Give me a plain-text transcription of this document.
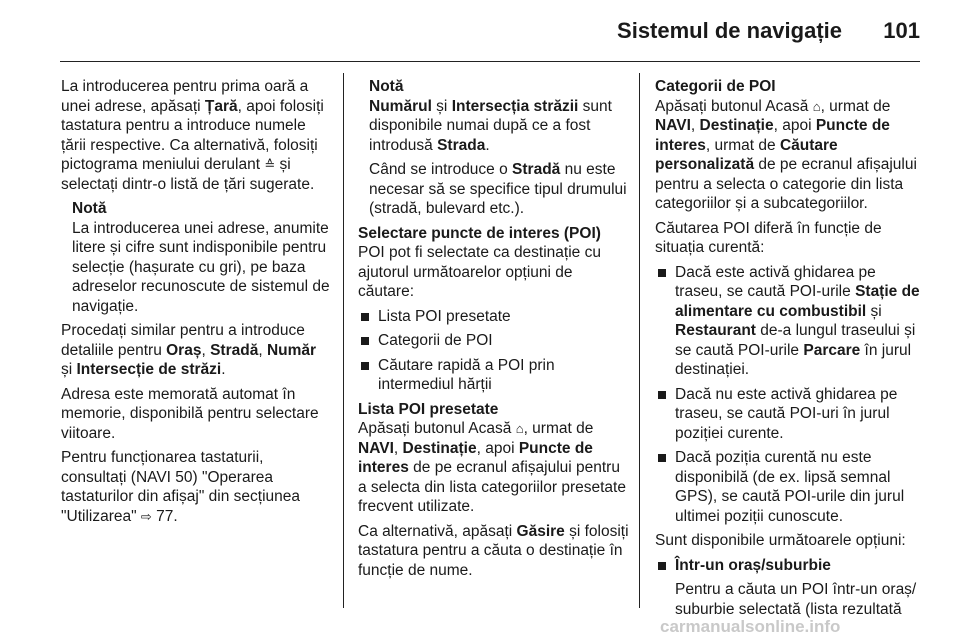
Sistemul de navigație 101

La introducerea pentru prima oară a unei adrese, apăsați Țară, apoi folosiți tastatura pentru a introduce numele țării respective. Ca alternativă, folosiți pictograma meniului derulant ≙ și selectați dintr-o listă de țări sugerate.

Notă

La introducerea unei adrese, anumite litere și cifre sunt indisponibile pentru selecție (hașurate cu gri), pe baza adreselor recunoscute de sistemul de navigație.

Procedați similar pentru a introduce detaliile pentru Oraș, Stradă, Număr și Intersecție de străzi.

Adresa este memorată automat în memorie, disponibilă pentru selectare viitoare.

Pentru funcționarea tastaturii, consultați (NAVI 50) "Operarea tastaturilor din afișaj" din secțiunea "Utilizarea" ⇨ 77.

Notă

Numărul și Intersecția străzii sunt disponibile numai după ce a fost introdusă Strada.

Când se introduce o Stradă nu este necesar să se specifice tipul drumului (stradă, bulevard etc.).

Selectare puncte de interes (POI)

POI pot fi selectate ca destinație cu ajutorul următoarelor opțiuni de căutare:

Lista POI presetate
Categorii de POI
Căutare rapidă a POI prin intermediul hărții
Lista POI presetate

Apăsați butonul Acasă ⌂, urmat de NAVI, Destinație, apoi Puncte de interes de pe ecranul afișajului pentru a selecta din lista categoriilor presetate frecvent utilizate.

Ca alternativă, apăsați Găsire și folosiți tastatura pentru a căuta o destinație în funcție de nume.

Categorii de POI

Apăsați butonul Acasă ⌂, urmat de NAVI, Destinație, apoi Puncte de interes, urmat de Căutare personalizată de pe ecranul afișajului pentru a selecta o categorie din lista categoriilor și a subcategoriilor.

Căutarea POI diferă în funcție de situația curentă:

Dacă este activă ghidarea pe traseu, se caută POI-urile Stație de alimentare cu combustibil și Restaurant de-a lungul traseului și se caută POI-urile Parcare în jurul destinației.
Dacă nu este activă ghidarea pe traseu, se caută POI-uri în jurul poziției curente.
Dacă poziția curentă nu este disponibilă (de ex. lipsă semnal GPS), se caută POI-urile din jurul ultimei poziții cunoscute.

Sunt disponibile următoarele opțiuni:

Într-un oraș/suburbie

Pentru a căuta un POI într-un oraș/ suburbie selectată (lista rezultată

carmanualsonline.info
